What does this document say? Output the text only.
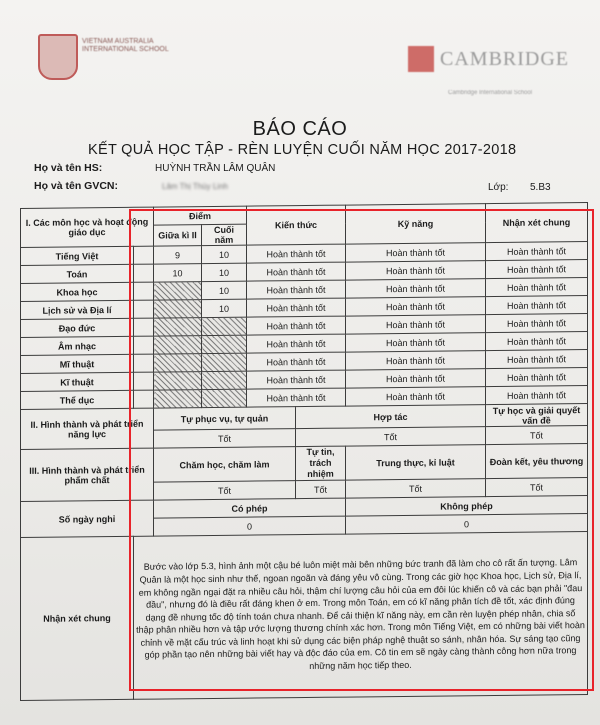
VIETNAM AUSTRALIA INTERNATIONAL SCHOOL	CAMBRIDGE
Cambridge International School
BÁO CÁO
KẾT QUẢ HỌC TẬP - RÈN LUYỆN CUỐI NĂM HỌC 2017-2018
Họ và tên HS:	HUỲNH TRẦN LÂM QUÂN
Họ và tên GVCN:	Lâm Thị Thùy Linh	Lớp: 5.B3
I. Các môn học và hoạt động giáo dục		Điểm		Kiến thức		Kỹ năng	Nhận xét chung
		Giữa kì II	Cuối năm				
Tiếng Việt		9	10	Hoàn thành tốt		Hoàn thành tốt	Hoàn thành tốt
Toán		10	10	Hoàn thành tốt		Hoàn thành tốt	Hoàn thành tốt
Khoa học			10	Hoàn thành tốt		Hoàn thành tốt	Hoàn thành tốt
Lịch sử và Địa lí			10	Hoàn thành tốt		Hoàn thành tốt	Hoàn thành tốt
Đạo đức				Hoàn thành tốt		Hoàn thành tốt	Hoàn thành tốt
Âm nhạc				Hoàn thành tốt		Hoàn thành tốt	Hoàn thành tốt
Mĩ thuật				Hoàn thành tốt		Hoàn thành tốt	Hoàn thành tốt
Kĩ thuật				Hoàn thành tốt		Hoàn thành tốt	Hoàn thành tốt
Thể dục				Hoàn thành tốt		Hoàn thành tốt	Hoàn thành tốt
II. Hình thành và phát triển năng lực		Tự phục vụ, tự quản			Hợp tác		Tự học và giải quyết vấn đề
		Tốt			Tốt		Tốt
III. Hình thành và phát triển phẩm chất		Chăm học, chăm làm			Tự tin, trách nhiệm	Trung thực, kỉ luật	Đoàn kết, yêu thương
		Tốt			Tốt	Tốt	Tốt
Số ngày nghỉ		Có phép				Không phép	
		0				0	
Nhận xét chung	Bước vào lớp 5.3, hình ảnh một cậu bé luôn miệt mài bên những bức tranh đã làm cho cô rất ấn tượng. Lâm Quân là một học sinh như thế, ngoan ngoãn và đáng yêu vô cùng. Trong các giờ học Khoa học, Lịch sử, Địa lí, em không ngần ngại đặt ra nhiều câu hỏi, thậm chí lượng câu hỏi của em đôi lúc khiến cô và các bạn phải "đau đầu", nhưng đó là điều rất đáng khen ở em. Trong môn Toán, em có kĩ năng phân tích đề tốt, xác định đúng dạng đề nhưng tốc độ tính toán chưa nhanh. Để cải thiện kĩ năng này, em cần rèn luyện phép nhân, chia số thập phân nhiều hơn và tập ước lượng thương chính xác hơn. Trong môn Tiếng Việt, em có những bài viết hoàn chỉnh về mặt cấu trúc và linh hoạt khi sử dụng các biện pháp nghệ thuật so sánh, nhân hóa. Sự sáng tạo cũng góp phần tạo nên những bài viết hay và độc đáo của em. Cô tin em sẽ ngày càng thành công hơn nữa trong những năm học tiếp theo.						
